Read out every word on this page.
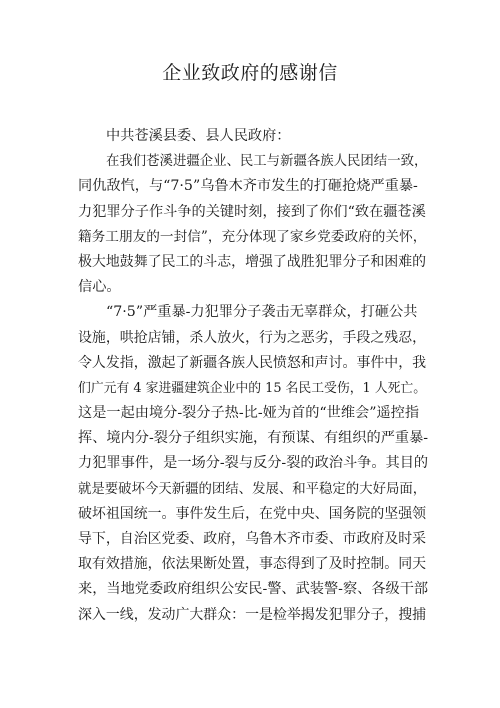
企业致政府的感谢信
中共苍溪县委、县人民政府：
在我们苍溪进疆企业、民工与新疆各族人民团结一致，
同仇敌忾，与“7·5”乌鲁木齐市发生的打砸抢烧严重暴-
力犯罪分子作斗争的关键时刻，接到了你们“致在疆苍溪
籍务工朋友的一封信”，充分体现了家乡党委政府的关怀，
极大地鼓舞了民工的斗志，增强了战胜犯罪分子和困难的
信心。
“7·5”严重暴-力犯罪分子袭击无辜群众，打砸公共
设施，哄抢店铺，杀人放火，行为之恶劣，手段之残忍，
令人发指，激起了新疆各族人民愤怒和声讨。事件中，我
们广元有 4 家进疆建筑企业中的 15 名民工受伤，1 人死亡。
这是一起由境分-裂分子热-比-娅为首的“世维会”遥控指
挥、境内分-裂分子组织实施，有预谋、有组织的严重暴-
力犯罪事件，是一场分-裂与反分-裂的政治斗争。其目的
就是要破坏今天新疆的团结、发展、和平稳定的大好局面，
破坏祖国统一。事件发生后，在党中央、国务院的坚强领
导下，自治区党委、政府，乌鲁木齐市委、市政府及时采
取有效措施，依法果断处置，事态得到了及时控制。同天
来，当地党委政府组织公安民-警、武装警-察、各级干部
深入一线，发动广大群众：一是检举揭发犯罪分子，搜捕
